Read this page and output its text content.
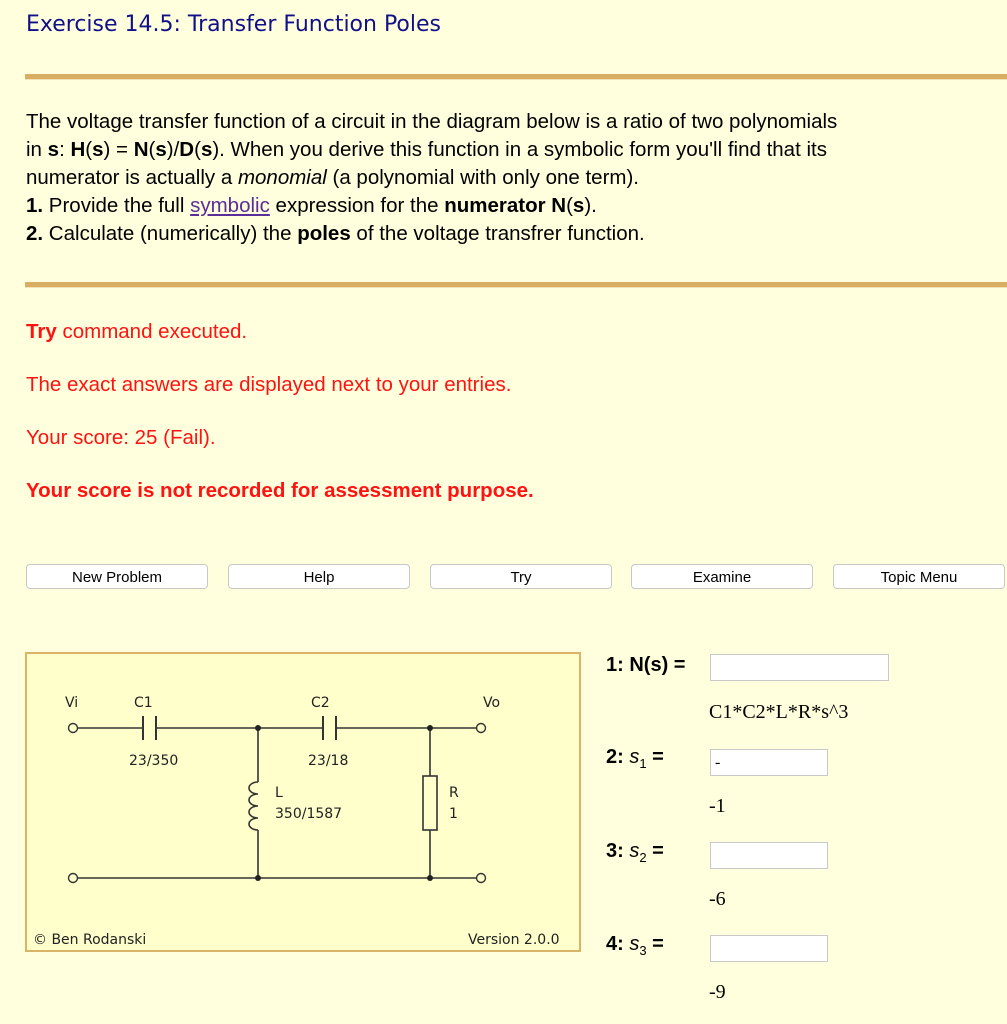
Exercise 14.5: Transfer Function Poles
The voltage transfer function of a circuit in the diagram below is a ratio of two polynomials
in s: H(s) = N(s)/D(s). When you derive this function in a symbolic form you'll find that its
numerator is actually a monomial (a polynomial with only one term).
1. Provide the full symbolic expression for the numerator N(s).
2. Calculate (numerically) the poles of the voltage transfrer function.
Try command executed.
The exact answers are displayed next to your entries.
Your score: 25 (Fail).
Your score is not recorded for assessment purpose.
New Problem	Help	Try	Examine	Topic Menu
Vi	Vo
C1
23/350
C2
23/18
L
350/1587
R
1
© Ben Rodanski	Version 2.0.0
1: N(s) =
C1*C2*L*R*s^3
2: $s_1$ =
-
-1
3: $s_2$ =
-6
4: $s_3$ =
-9
